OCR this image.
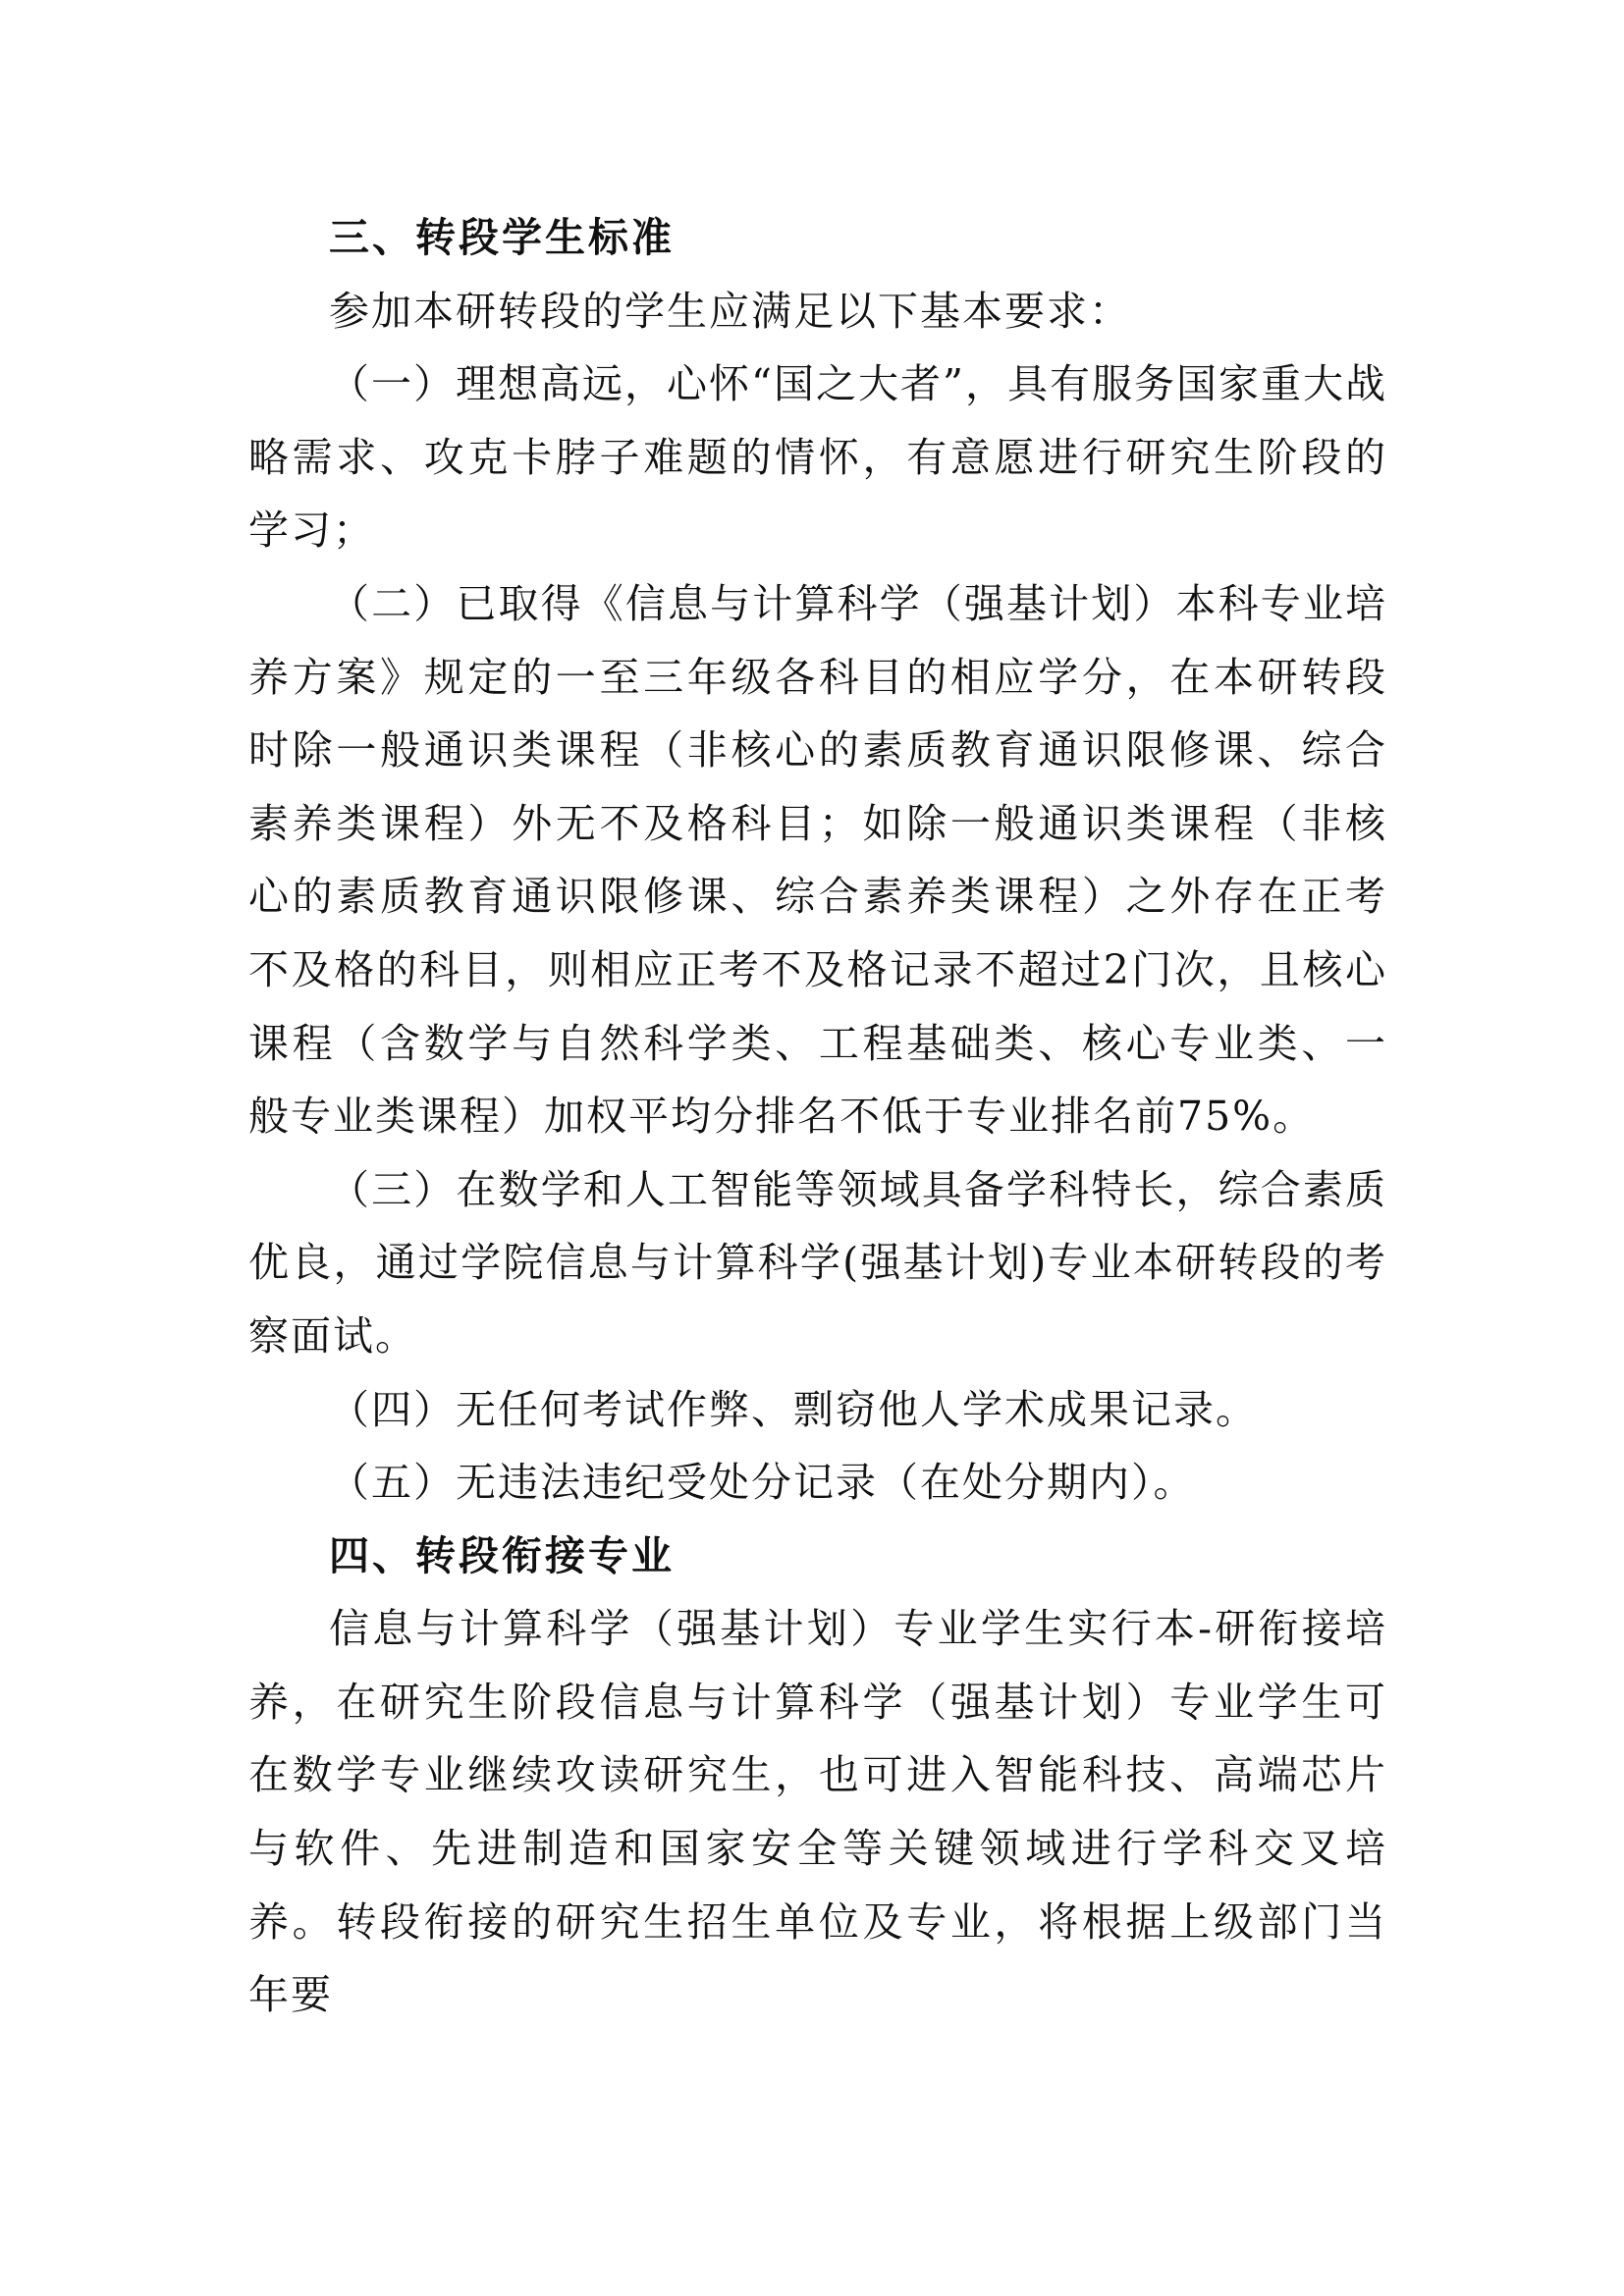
三、转段学生标准

参加本研转段的学生应满足以下基本要求：

（一）理想高远，心怀“国之大者”，具有服务国家重大战略需求、攻克卡脖子难题的情怀，有意愿进行研究生阶段的学习；

（二）已取得《信息与计算科学（强基计划）本科专业培养方案》规定的一至三年级各科目的相应学分，在本研转段时除一般通识类课程（非核心的素质教育通识限修课、综合素养类课程）外无不及格科目；如除一般通识类课程（非核心的素质教育通识限修课、综合素养类课程）之外存在正考不及格的科目，则相应正考不及格记录不超过2门次，且核心课程（含数学与自然科学类、工程基础类、核心专业类、一般专业类课程）加权平均分排名不低于专业排名前75%。

（三）在数学和人工智能等领域具备学科特长，综合素质优良，通过学院信息与计算科学(强基计划)专业本研转段的考察面试。

（四）无任何考试作弊、剽窃他人学术成果记录。

（五）无违法违纪受处分记录（在处分期内）。

四、转段衔接专业

信息与计算科学（强基计划）专业学生实行本-研衔接培养，在研究生阶段信息与计算科学（强基计划）专业学生可在数学专业继续攻读研究生，也可进入智能科技、高端芯片与软件、先进制造和国家安全等关键领域进行学科交叉培养。转段衔接的研究生招生单位及专业，将根据上级部门当年要
